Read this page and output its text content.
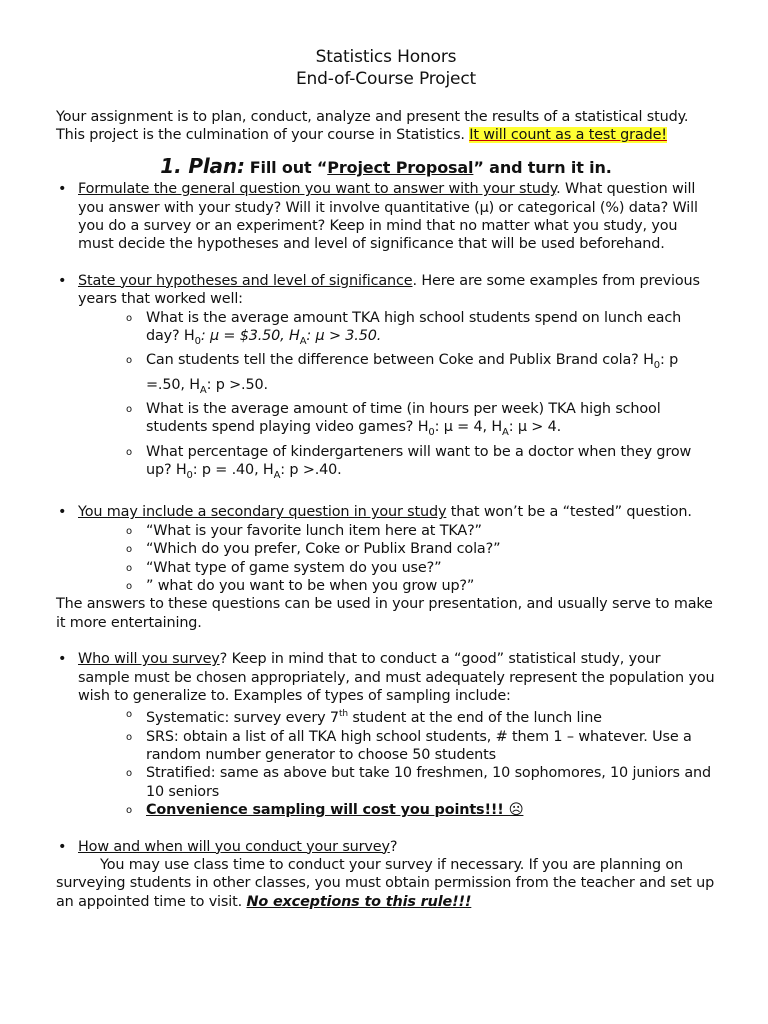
Statistics Honors

End-of-Course Project

Your assignment is to plan, conduct, analyze and present the results of a statistical study. This project is the culmination of your course in Statistics. It will count as a test grade!

1. Plan: Fill out “Project Proposal” and turn it in.
• Formulate the general question you want to answer with your study. What question will you answer with your study? Will it involve quantitative (μ) or categorical (%) data? Will you do a survey or an experiment? Keep in mind that no matter what you study, you must decide the hypotheses and level of significance that will be used beforehand.
• State your hypotheses and level of significance. Here are some examples from previous years that worked well:
o What is the average amount TKA high school students spend on lunch each day? $H_0$: μ = $3.50, $H_A$: μ > 3.50.
o Can students tell the difference between Coke and Publix Brand cola? $H_0$: p =.50, $H_A$: p >.50.
o What is the average amount of time (in hours per week) TKA high school students spend playing video games? $H_0$: μ = 4, $H_A$: μ > 4.
o What percentage of kindergarteners will want to be a doctor when they grow up? $H_0$: p = .40, $H_A$: p >.40.
• You may include a secondary question in your study that won’t be a “tested” question.
o “What is your favorite lunch item here at TKA?”
o “Which do you prefer, Coke or Publix Brand cola?”
o “What type of game system do you use?”
o ” what do you want to be when you grow up?”

The answers to these questions can be used in your presentation, and usually serve to make it more entertaining.

• Who will you survey? Keep in mind that to conduct a “good” statistical study, your sample must be chosen appropriately, and must adequately represent the population you wish to generalize to. Examples of types of sampling include:
o Systematic: survey every 7th student at the end of the lunch line
o SRS: obtain a list of all TKA high school students, # them 1 – whatever. Use a random number generator to choose 50 students
o Stratified: same as above but take 10 freshmen, 10 sophomores, 10 juniors and 10 seniors
o Convenience sampling will cost you points!!! ☹
• How and when will you conduct your survey?

You may use class time to conduct your survey if necessary. If you are planning on surveying students in other classes, you must obtain permission from the teacher and set up an appointed time to visit. No exceptions to this rule!!!
